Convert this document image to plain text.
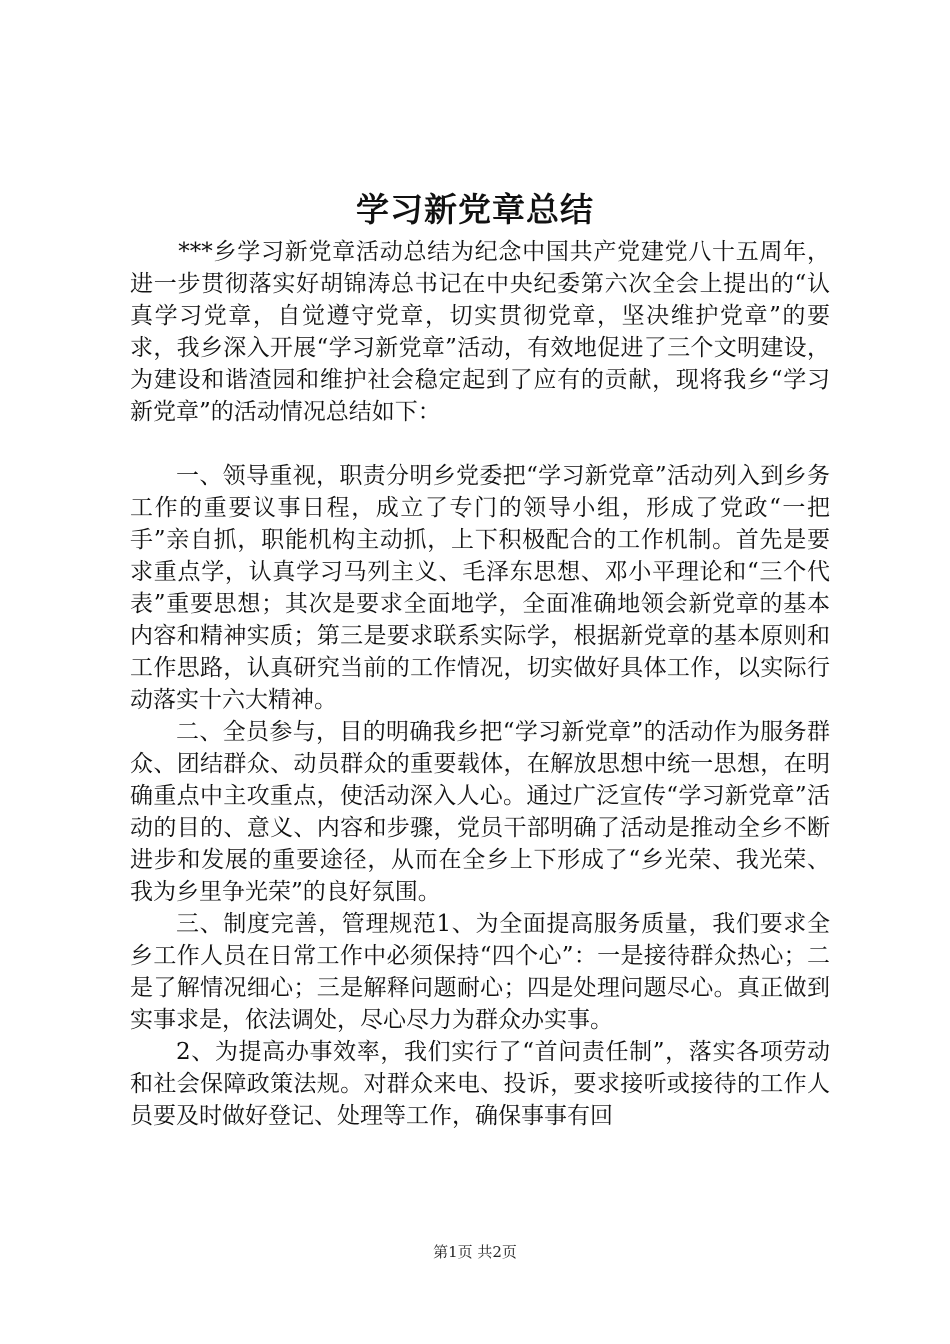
学习新党章总结

***乡学习新党章活动总结为纪念中国共产党建党八十五周年，进一步贯彻落实好胡锦涛总书记在中央纪委第六次全会上提出的“认真学习党章，自觉遵守党章，切实贯彻党章，坚决维护党章”的要求，我乡深入开展“学习新党章”活动，有效地促进了三个文明建设，为建设和谐渣园和维护社会稳定起到了应有的贡献，现将我乡“学习新党章”的活动情况总结如下：

一、领导重视，职责分明乡党委把“学习新党章”活动列入到乡务工作的重要议事日程，成立了专门的领导小组，形成了党政“一把手”亲自抓，职能机构主动抓，上下积极配合的工作机制。首先是要求重点学，认真学习马列主义、毛泽东思想、邓小平理论和“三个代表”重要思想；其次是要求全面地学，全面准确地领会新党章的基本内容和精神实质；第三是要求联系实际学，根据新党章的基本原则和工作思路，认真研究当前的工作情况，切实做好具体工作，以实际行动落实十六大精神。

二、全员参与，目的明确我乡把“学习新党章”的活动作为服务群众、团结群众、动员群众的重要载体，在解放思想中统一思想，在明确重点中主攻重点，使活动深入人心。通过广泛宣传“学习新党章”活动的目的、意义、内容和步骤，党员干部明确了活动是推动全乡不断进步和发展的重要途径，从而在全乡上下形成了“乡光荣、我光荣、我为乡里争光荣”的良好氛围。

三、制度完善，管理规范1、为全面提高服务质量，我们要求全乡工作人员在日常工作中必须保持“四个心”：一是接待群众热心；二是了解情况细心；三是解释问题耐心；四是处理问题尽心。真正做到实事求是，依法调处，尽心尽力为群众办实事。

2、为提高办事效率，我们实行了“首问责任制”，落实各项劳动和社会保障政策法规。对群众来电、投诉，要求接听或接待的工作人员要及时做好登记、处理等工作，确保事事有回

第1页 共2页
